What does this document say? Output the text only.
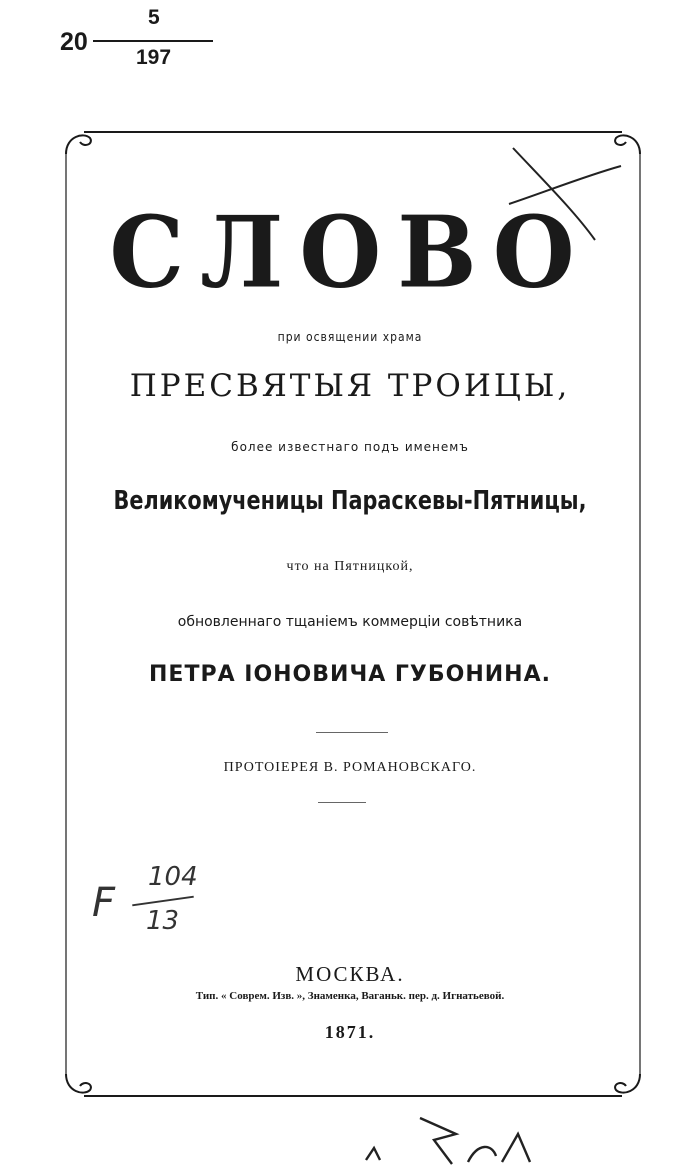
20
5
197
СЛОВО
при освящении храма
ПРЕСВЯТЫЯ ТРОИЦЫ,
более известнаго подъ именемъ
Великомученицы Параскевы-Пятницы,
что на Пятницкой,
обновленнаго тщанiемъ коммерцiи совѣтника
ПЕТРА IОНОВИЧА ГУБОНИНА.
ПРОТОIЕРЕЯ В. РОМАНОВСКАГО.
F
104
13
МОСКВА.
Тип. « Соврем. Изв. », Знаменка, Ваганьк. пер. д. Игнатьевой.
1871.
